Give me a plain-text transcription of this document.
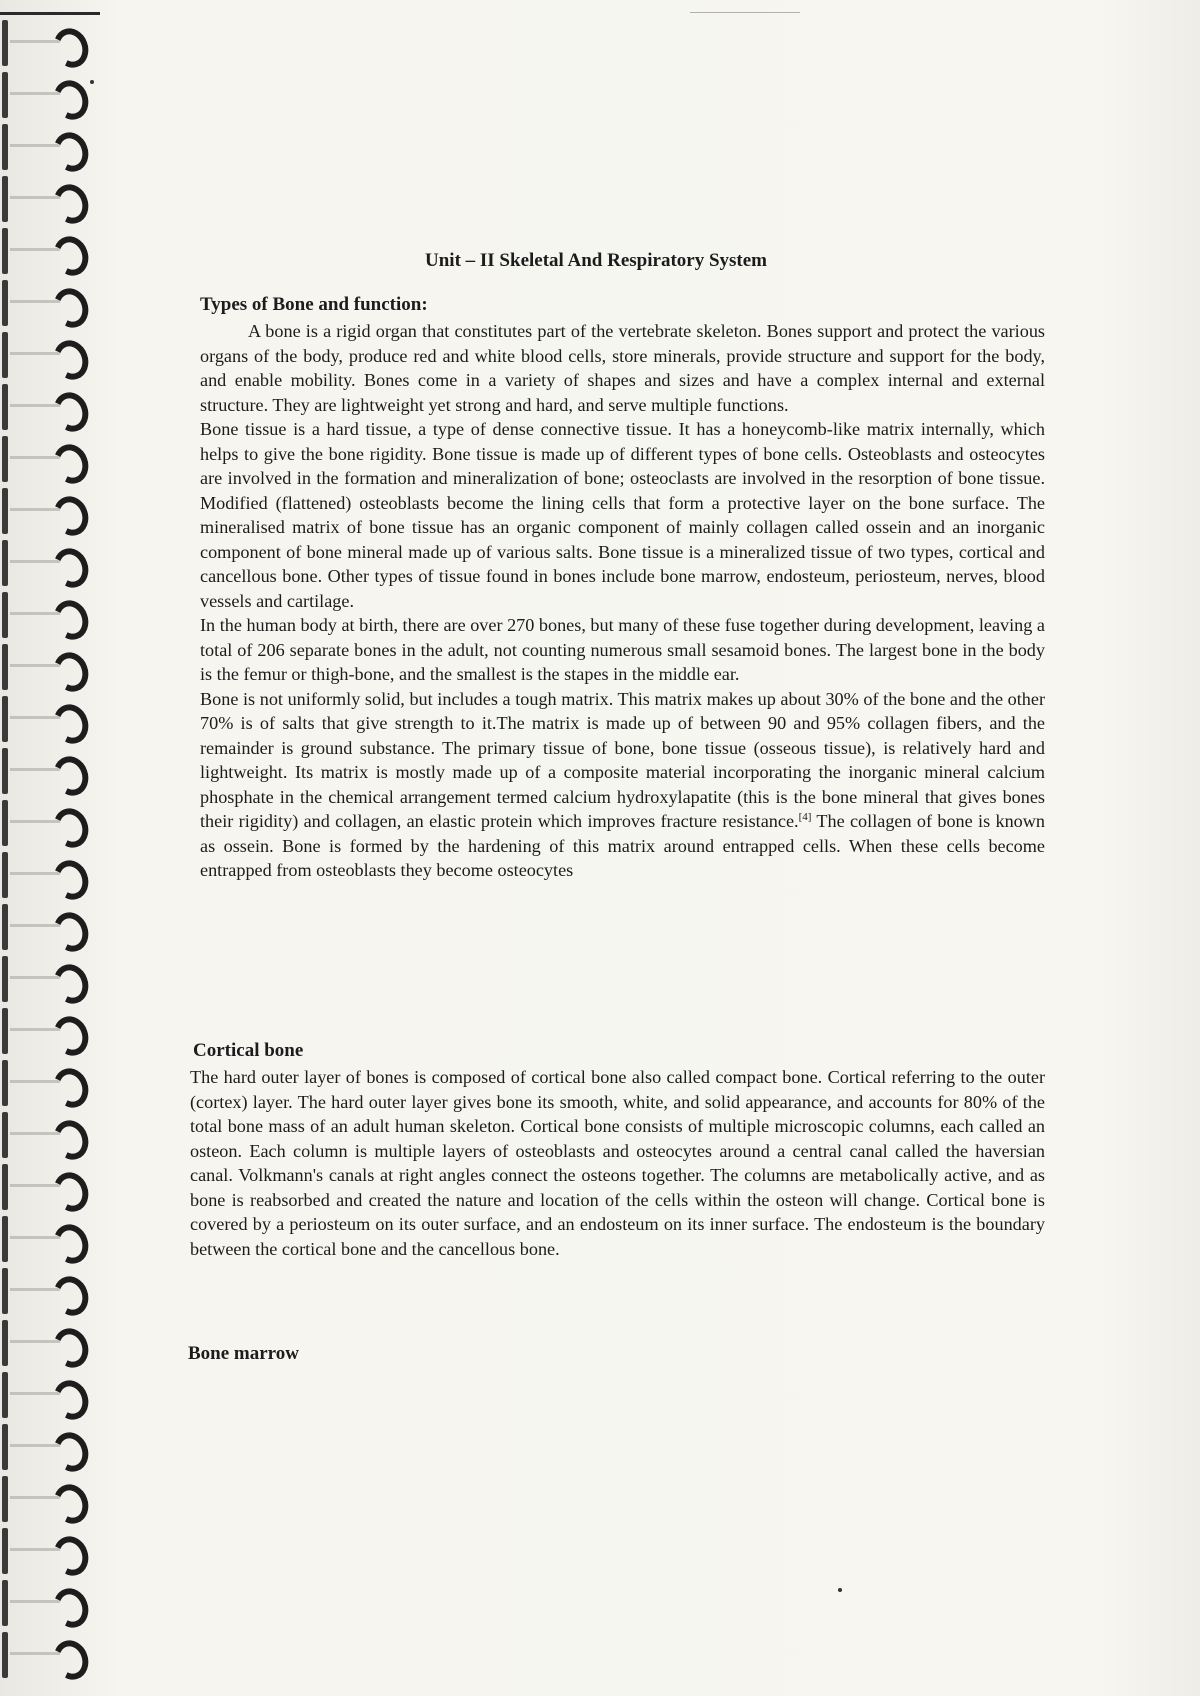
Unit – II Skeletal And Respiratory System
Types of Bone and function:

A bone is a rigid organ that constitutes part of the vertebrate skeleton. Bones support and protect the various organs of the body, produce red and white blood cells, store minerals, provide structure and support for the body, and enable mobility. Bones come in a variety of shapes and sizes and have a complex internal and external structure. They are lightweight yet strong and hard, and serve multiple functions.

Bone tissue is a hard tissue, a type of dense connective tissue. It has a honeycomb-like matrix internally, which helps to give the bone rigidity. Bone tissue is made up of different types of bone cells. Osteoblasts and osteocytes are involved in the formation and mineralization of bone; osteoclasts are involved in the resorption of bone tissue. Modified (flattened) osteoblasts become the lining cells that form a protective layer on the bone surface. The mineralised matrix of bone tissue has an organic component of mainly collagen called ossein and an inorganic component of bone mineral made up of various salts. Bone tissue is a mineralized tissue of two types, cortical and cancellous bone. Other types of tissue found in bones include bone marrow, endosteum, periosteum, nerves, blood vessels and cartilage.

In the human body at birth, there are over 270 bones, but many of these fuse together during development, leaving a total of 206 separate bones in the adult, not counting numerous small sesamoid bones. The largest bone in the body is the femur or thigh-bone, and the smallest is the stapes in the middle ear.

Bone is not uniformly solid, but includes a tough matrix. This matrix makes up about 30% of the bone and the other 70% is of salts that give strength to it.The matrix is made up of between 90 and 95% collagen fibers, and the remainder is ground substance. The primary tissue of bone, bone tissue (osseous tissue), is relatively hard and lightweight. Its matrix is mostly made up of a composite material incorporating the inorganic mineral calcium phosphate in the chemical arrangement termed calcium hydroxylapatite (this is the bone mineral that gives bones their rigidity) and collagen, an elastic protein which improves fracture resistance.[4] The collagen of bone is known as ossein. Bone is formed by the hardening of this matrix around entrapped cells. When these cells become entrapped from osteoblasts they become osteocytes

Cortical bone

The hard outer layer of bones is composed of cortical bone also called compact bone. Cortical referring to the outer (cortex) layer. The hard outer layer gives bone its smooth, white, and solid appearance, and accounts for 80% of the total bone mass of an adult human skeleton. Cortical bone consists of multiple microscopic columns, each called an osteon. Each column is multiple layers of osteoblasts and osteocytes around a central canal called the haversian canal. Volkmann's canals at right angles connect the osteons together. The columns are metabolically active, and as bone is reabsorbed and created the nature and location of the cells within the osteon will change. Cortical bone is covered by a periosteum on its outer surface, and an endosteum on its inner surface. The endosteum is the boundary between the cortical bone and the cancellous bone.

Bone marrow
